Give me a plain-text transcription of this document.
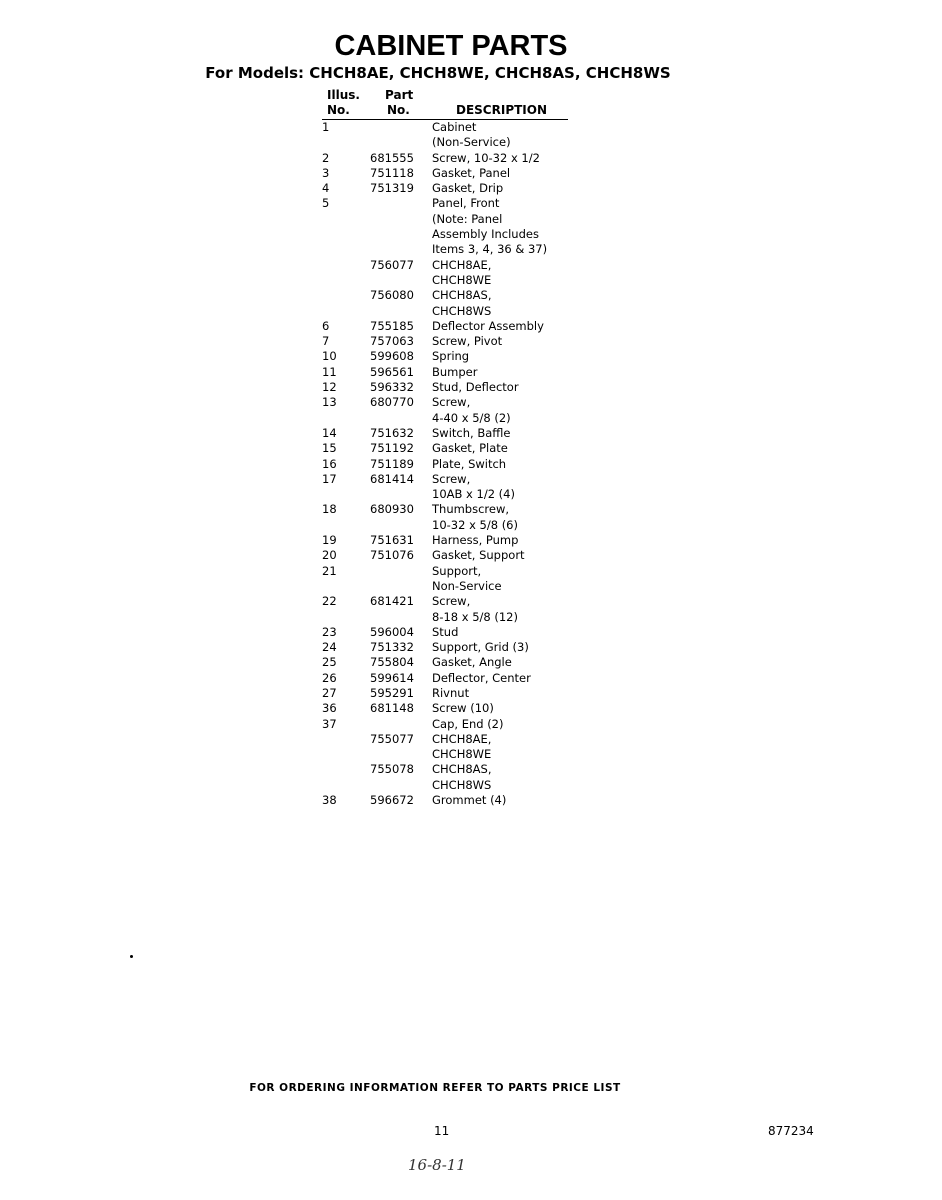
CABINET PARTS
For Models: CHCH8AE, CHCH8WE, CHCH8AS, CHCH8WS
Illus.
No.
Part
No.	DESCRIPTION
1	Cabinet
(Non-Service)
2	681555 Screw, 10-32 x 1/2
3	751118 Gasket, Panel
4	751319 Gasket, Drip
5	Panel, Front
(Note: Panel
Assembly Includes
Items 3, 4, 36 & 37)
756077 CHCH8AE,
CHCH8WE
756080 CHCH8AS,
CHCH8WS
6	755185 Deflector Assembly
7	757063 Screw, Pivot
10	599608 Spring
11	596561 Bumper
12	596332 Stud, Deflector
13	680770 Screw,
4-40 x 5/8 (2)
14	751632 Switch, Baffle
15	751192 Gasket, Plate
16	751189 Plate, Switch
17	681414 Screw,
10AB x 1/2 (4)
18	680930 Thumbscrew,
10-32 x 5/8 (6)
19	751631 Harness, Pump
20	751076 Gasket, Support
21	Support,
Non-Service
22	681421 Screw,
8-18 x 5/8 (12)
23	596004 Stud
24	751332 Support, Grid (3)
25	755804 Gasket, Angle
26	599614 Deflector, Center
27	595291 Rivnut
36	681148 Screw (10)
37	Cap, End (2)
755077 CHCH8AE,
CHCH8WE
755078 CHCH8AS,
CHCH8WS
38	596672 Grommet (4)
FOR ORDERING INFORMATION REFER TO PARTS PRICE LIST
11	877234
16-8-11
